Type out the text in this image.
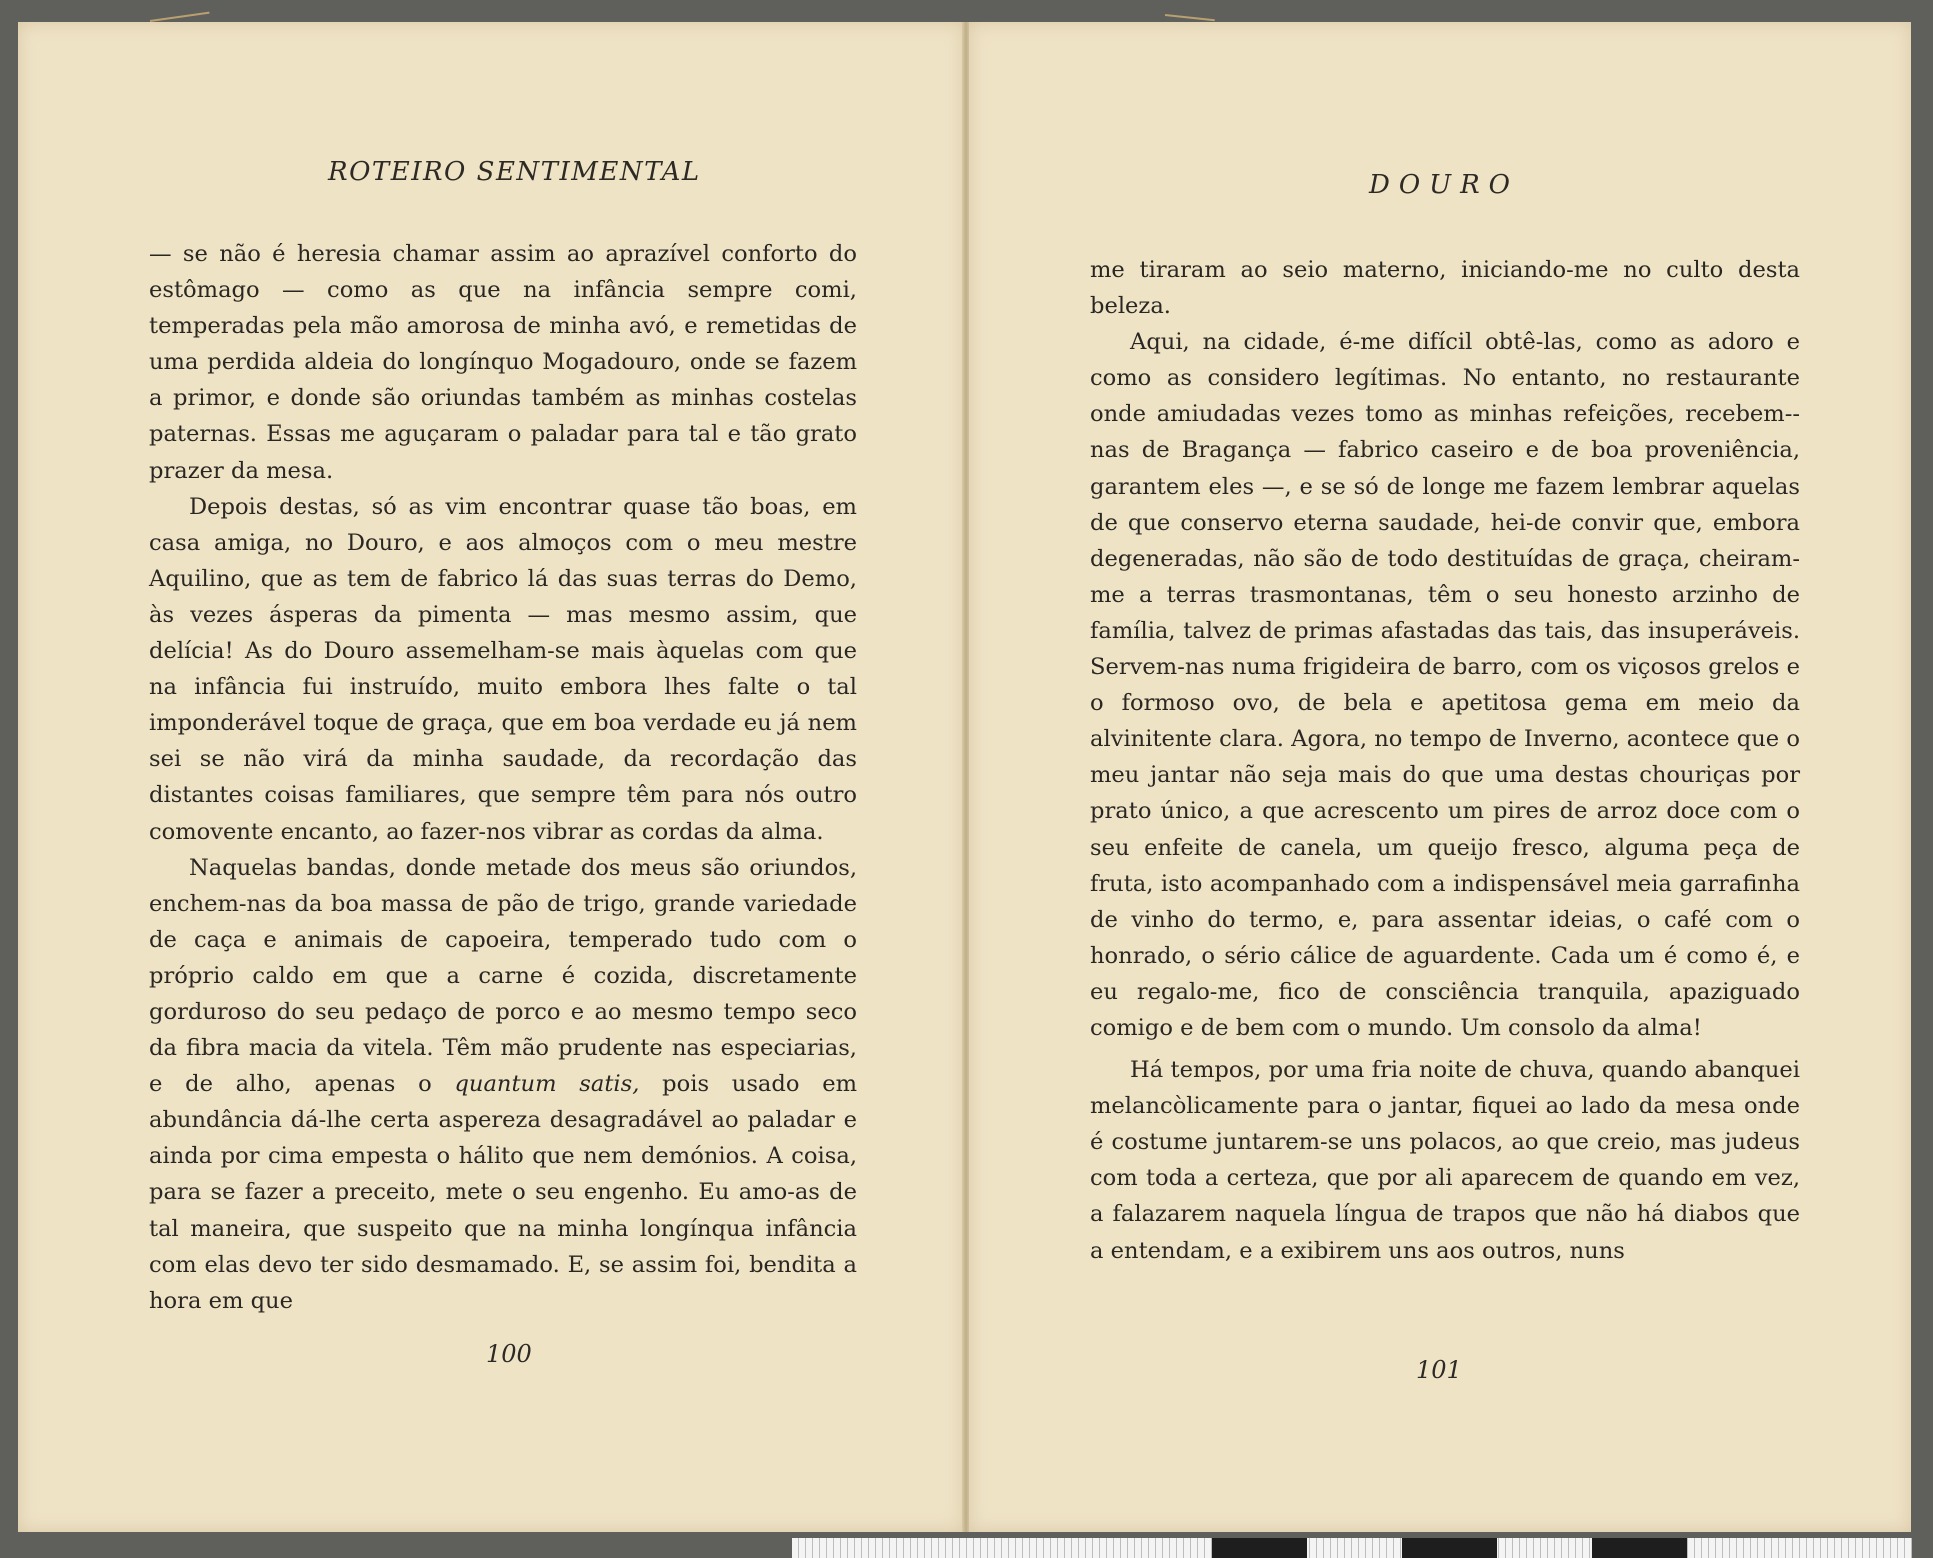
ROTEIRO SENTIMENTAL

— se não é heresia chamar assim ao aprazível conforto do estômago — como as que na infância sempre comi, temperadas pela mão amorosa de minha avó, e remetidas de uma perdida aldeia do longínquo Mogadouro, onde se fazem a primor, e donde são oriundas também as minhas costelas paternas. Essas me aguçaram o paladar para tal e tão grato prazer da mesa.

Depois destas, só as vim encontrar quase tão boas, em casa amiga, no Douro, e aos almoços com o meu mestre Aquilino, que as tem de fabrico lá das suas terras do Demo, às vezes ásperas da pimenta — mas mesmo assim, que delícia! As do Douro assemelham-se mais àquelas com que na infância fui instruído, muito embora lhes falte o tal imponderável toque de graça, que em boa verdade eu já nem sei se não virá da minha saudade, da recordação das distantes coisas familiares, que sempre têm para nós outro comovente encanto, ao fazer-nos vibrar as cordas da alma.

Naquelas bandas, donde metade dos meus são oriundos, enchem-nas da boa massa de pão de trigo, grande variedade de caça e animais de capoeira, temperado tudo com o próprio caldo em que a carne é cozida, discretamente gorduroso do seu pedaço de porco e ao mesmo tempo seco da fibra macia da vitela. Têm mão prudente nas especiarias, e de alho, apenas o quantum satis, pois usado em abundância dá-lhe certa aspereza desagradável ao paladar e ainda por cima empesta o hálito que nem demónios. A coisa, para se fazer a preceito, mete o seu engenho. Eu amo-as de tal maneira, que suspeito que na minha longínqua infância com elas devo ter sido desmamado. E, se assim foi, bendita a hora em que

100
DOURO

me tiraram ao seio materno, iniciando-me no culto desta beleza.

Aqui, na cidade, é-me difícil obtê-las, como as adoro e como as considero legítimas. No entanto, no restaurante onde amiudadas vezes tomo as minhas refeições, recebem--nas de Bragança — fabrico caseiro e de boa proveniência, garantem eles —, e se só de longe me fazem lembrar aquelas de que conservo eterna saudade, hei-de convir que, embora degeneradas, não são de todo destituídas de graça, cheiram-me a terras trasmontanas, têm o seu honesto arzinho de família, talvez de primas afastadas das tais, das insuperáveis. Servem-nas numa frigideira de barro, com os viçosos grelos e o formoso ovo, de bela e apetitosa gema em meio da alvinitente clara. Agora, no tempo de Inverno, acontece que o meu jantar não seja mais do que uma destas chouriças por prato único, a que acrescento um pires de arroz doce com o seu enfeite de canela, um queijo fresco, alguma peça de fruta, isto acompanhado com a indispensável meia garrafinha de vinho do termo, e, para assentar ideias, o café com o honrado, o sério cálice de aguardente. Cada um é como é, e eu regalo-me, fico de consciência tranquila, apaziguado comigo e de bem com o mundo. Um consolo da alma!

Há tempos, por uma fria noite de chuva, quando abanquei melancòlicamente para o jantar, fiquei ao lado da mesa onde é costume juntarem-se uns polacos, ao que creio, mas judeus com toda a certeza, que por ali aparecem de quando em vez, a falazarem naquela língua de trapos que não há diabos que a entendam, e a exibirem uns aos outros, nuns

101
